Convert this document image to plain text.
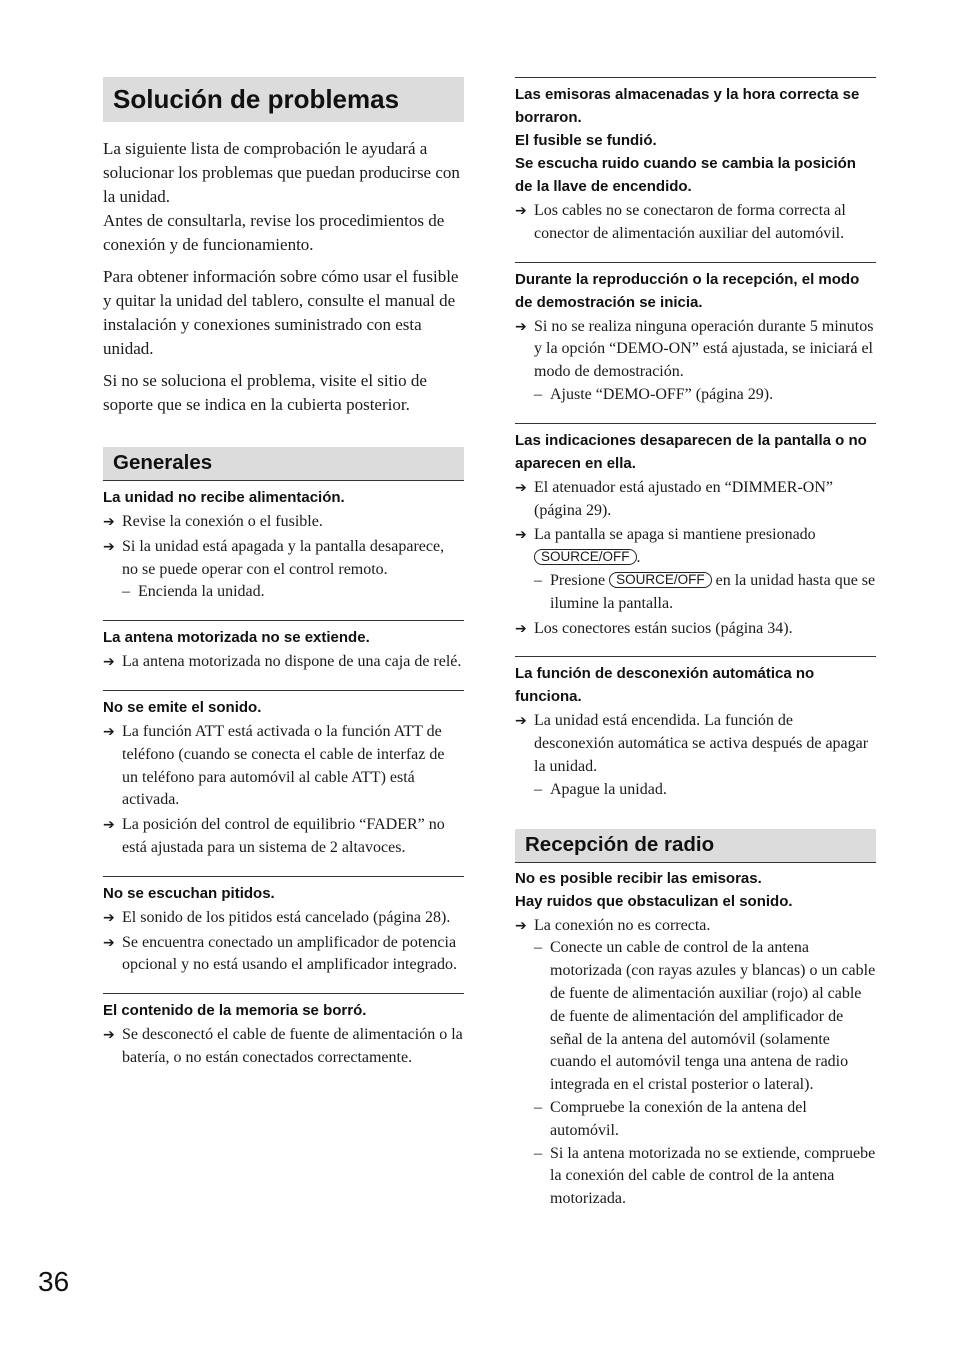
Solución de problemas

La siguiente lista de comprobación le ayudará a solucionar los problemas que puedan producirse con la unidad.

Antes de consultarla, revise los procedimientos de conexión y de funcionamiento.

Para obtener información sobre cómo usar el fusible y quitar la unidad del tablero, consulte el manual de instalación y conexiones suministrado con esta unidad.

Si no se soluciona el problema, visite el sitio de soporte que se indica en la cubierta posterior.

Generales
La unidad no recibe alimentación.
➔ Revise la conexión o el fusible.
➔ Si la unidad está apagada y la pantalla desaparece, no se puede operar con el control remoto.
– Encienda la unidad.
La antena motorizada no se extiende.
➔ La antena motorizada no dispone de una caja de relé.
No se emite el sonido.
➔ La función ATT está activada o la función ATT de teléfono (cuando se conecta el cable de interfaz de un teléfono para automóvil al cable ATT) está activada.
➔ La posición del control de equilibrio “FADER” no está ajustada para un sistema de 2 altavoces.
No se escuchan pitidos.
➔ El sonido de los pitidos está cancelado (página 28).
➔ Se encuentra conectado un amplificador de potencia opcional y no está usando el amplificador integrado.
El contenido de la memoria se borró.
➔ Se desconectó el cable de fuente de alimentación o la batería, o no están conectados correctamente.
Las emisoras almacenadas y la hora correcta se borraron.
El fusible se fundió.
Se escucha ruido cuando se cambia la posición de la llave de encendido.
➔ Los cables no se conectaron de forma correcta al conector de alimentación auxiliar del automóvil.
Durante la reproducción o la recepción, el modo de demostración se inicia.
➔ Si no se realiza ninguna operación durante 5 minutos y la opción “DEMO-ON” está ajustada, se iniciará el modo de demostración.
– Ajuste “DEMO-OFF” (página 29).
Las indicaciones desaparecen de la pantalla o no aparecen en ella.
➔ El atenuador está ajustado en “DIMMER-ON” (página 29).
➔ La pantalla se apaga si mantiene presionado SOURCE/OFF .
– Presione SOURCE/OFF en la unidad hasta que se ilumine la pantalla.
➔ Los conectores están sucios (página 34).
La función de desconexión automática no funciona.
➔ La unidad está encendida. La función de desconexión automática se activa después de apagar la unidad.
– Apague la unidad.
Recepción de radio
No es posible recibir las emisoras.
Hay ruidos que obstaculizan el sonido.
➔ La conexión no es correcta.
– Conecte un cable de control de la antena motorizada (con rayas azules y blancas) o un cable de fuente de alimentación auxiliar (rojo) al cable de fuente de alimentación del amplificador de señal de la antena del automóvil (solamente cuando el automóvil tenga una antena de radio integrada en el cristal posterior o lateral).
– Compruebe la conexión de la antena del automóvil.
– Si la antena motorizada no se extiende, compruebe la conexión del cable de control de la antena motorizada.
36
